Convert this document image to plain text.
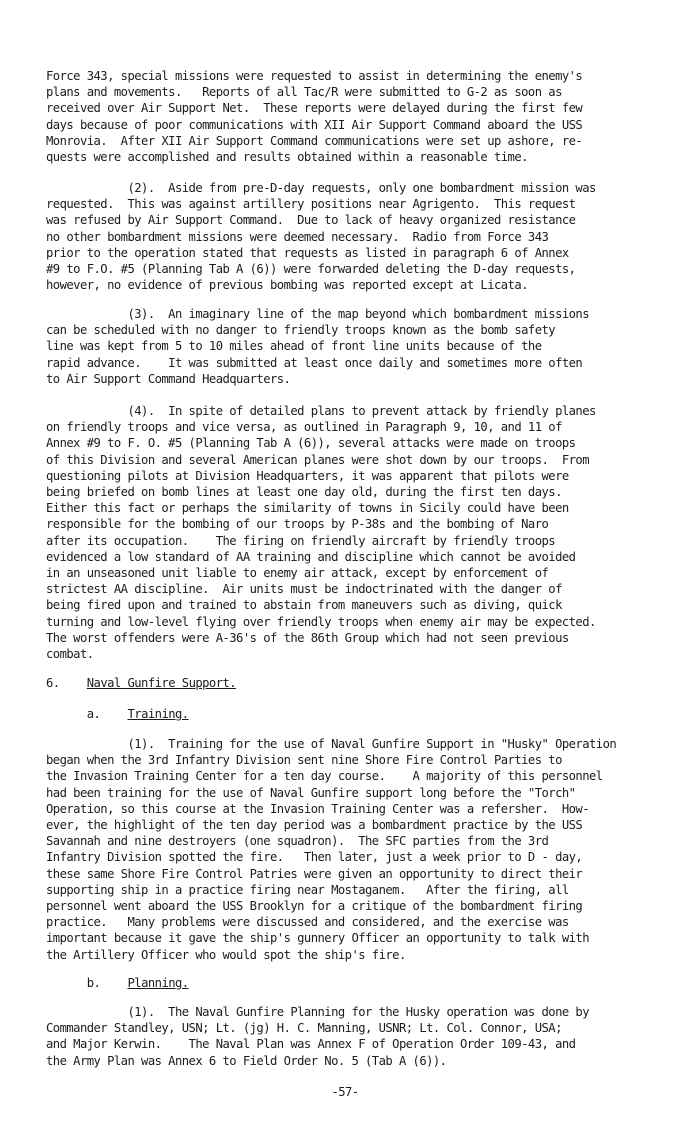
Force 343, special missions were requested to assist in determining the enemy's
plans and movements.   Reports of all Tac/R were submitted to G-2 as soon as
received over Air Support Net.  These reports were delayed during the first few
days because of poor communications with XII Air Support Command aboard the USS
Monrovia.  After XII Air Support Command communications were set up ashore, re-
quests were accomplished and results obtained within a reasonable time.
(2).  Aside from pre-D-day requests, only one bombardment mission was
requested.  This was against artillery positions near Agrigento.  This request
was refused by Air Support Command.  Due to lack of heavy organized resistance
no other bombardment missions were deemed necessary.  Radio from Force 343
prior to the operation stated that requests as listed in paragraph 6 of Annex
#9 to F.O. #5 (Planning Tab A (6)) were forwarded deleting the D-day requests,
however, no evidence of previous bombing was reported except at Licata.
(3).  An imaginary line of the map beyond which bombardment missions
can be scheduled with no danger to friendly troops known as the bomb safety
line was kept from 5 to 10 miles ahead of front line units because of the
rapid advance.    It was submitted at least once daily and sometimes more often
to Air Support Command Headquarters.
(4).  In spite of detailed plans to prevent attack by friendly planes
on friendly troops and vice versa, as outlined in Paragraph 9, 10, and 11 of
Annex #9 to F. O. #5 (Planning Tab A (6)), several attacks were made on troops
of this Division and several American planes were shot down by our troops.  From
questioning pilots at Division Headquarters, it was apparent that pilots were
being briefed on bomb lines at least one day old, during the first ten days.
Either this fact or perhaps the similarity of towns in Sicily could have been
responsible for the bombing of our troops by P-38s and the bombing of Naro
after its occupation.    The firing on friendly aircraft by friendly troops
evidenced a low standard of AA training and discipline which cannot be avoided
in an unseasoned unit liable to enemy air attack, except by enforcement of
strictest AA discipline.  Air units must be indoctrinated with the danger of
being fired upon and trained to abstain from maneuvers such as diving, quick
turning and low-level flying over friendly troops when enemy air may be expected.
The worst offenders were A-36's of the 86th Group which had not seen previous
combat.
(1).  Training for the use of Naval Gunfire Support in "Husky" Operation
began when the 3rd Infantry Division sent nine Shore Fire Control Parties to
the Invasion Training Center for a ten day course.    A majority of this personnel
had been training for the use of Naval Gunfire support long before the "Torch"
Operation, so this course at the Invasion Training Center was a refersher.  How-
ever, the highlight of the ten day period was a bombardment practice by the USS
Savannah and nine destroyers (one squadron).  The SFC parties from the 3rd
Infantry Division spotted the fire.   Then later, just a week prior to D - day,
these same Shore Fire Control Patries were given an opportunity to direct their
supporting ship in a practice firing near Mostaganem.   After the firing, all
personnel went aboard the USS Brooklyn for a critique of the bombardment firing
practice.   Many problems were discussed and considered, and the exercise was
important because it gave the ship's gunnery Officer an opportunity to talk with
the Artillery Officer who would spot the ship's fire.
(1).  The Naval Gunfire Planning for the Husky operation was done by
Commander Standley, USN; Lt. (jg) H. C. Manning, USNR; Lt. Col. Connor, USA;
and Major Kerwin.    The Naval Plan was Annex F of Operation Order 109-43, and
the Army Plan was Annex 6 to Field Order No. 5 (Tab A (6)).
6. Naval Gunfire Support.
a. Training.
b. Planning.
-57-
